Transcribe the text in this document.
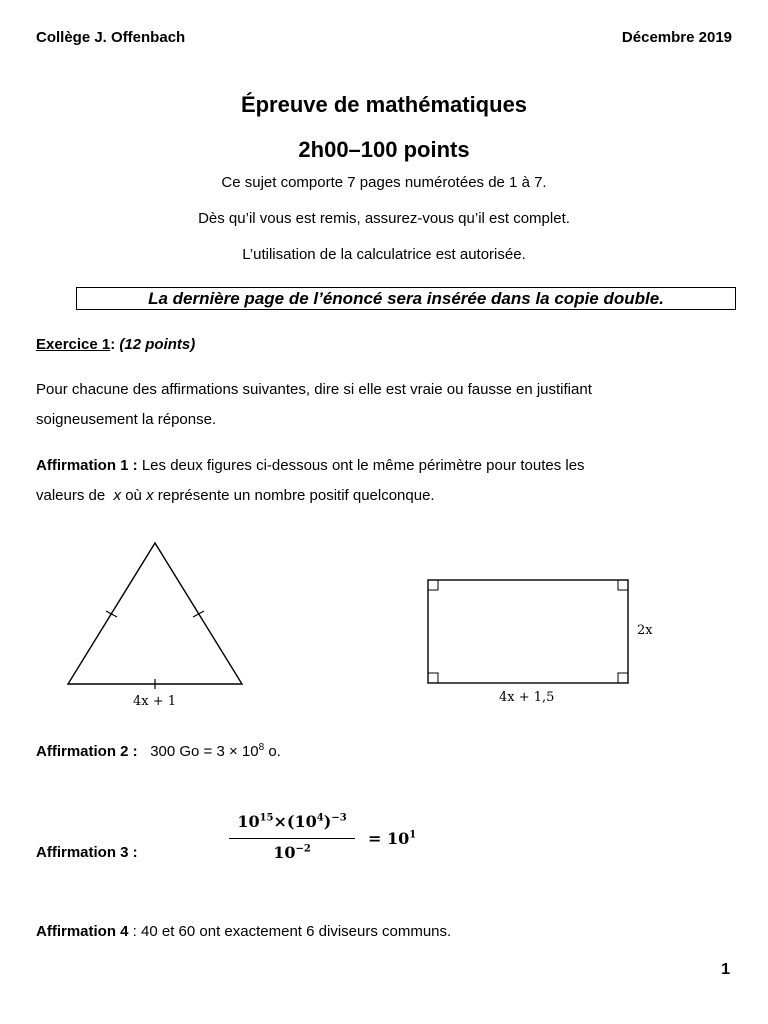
Collège J. Offenbach	Décembre 2019
Épreuve de mathématiques
2h00–100 points
Ce sujet comporte 7 pages numérotées de 1 à 7.
Dès qu’il vous est remis, assurez-vous qu’il est complet.
L’utilisation de la calculatrice est autorisée.
La dernière page de l’énoncé sera insérée dans la copie double.
Exercice 1: (12 points)
Pour chacune des affirmations suivantes, dire si elle est vraie ou fausse en justifiant
soigneusement la réponse.
Affirmation 1 : Les deux figures ci-dessous ont le même périmètre pour toutes les
valeurs de  x où x représente un nombre positif quelconque.
4x + 1	4x + 1,5
2x
Affirmation 2 : 300 $Go = 3 \times 10^8$ o.
Affirmation 3 :
$10^{15}\times(10^4)^{-3}$
$10^{-2}$
= $10^1$
Affirmation 4 : 40 et 60 ont exactement 6 diviseurs communs.
1
